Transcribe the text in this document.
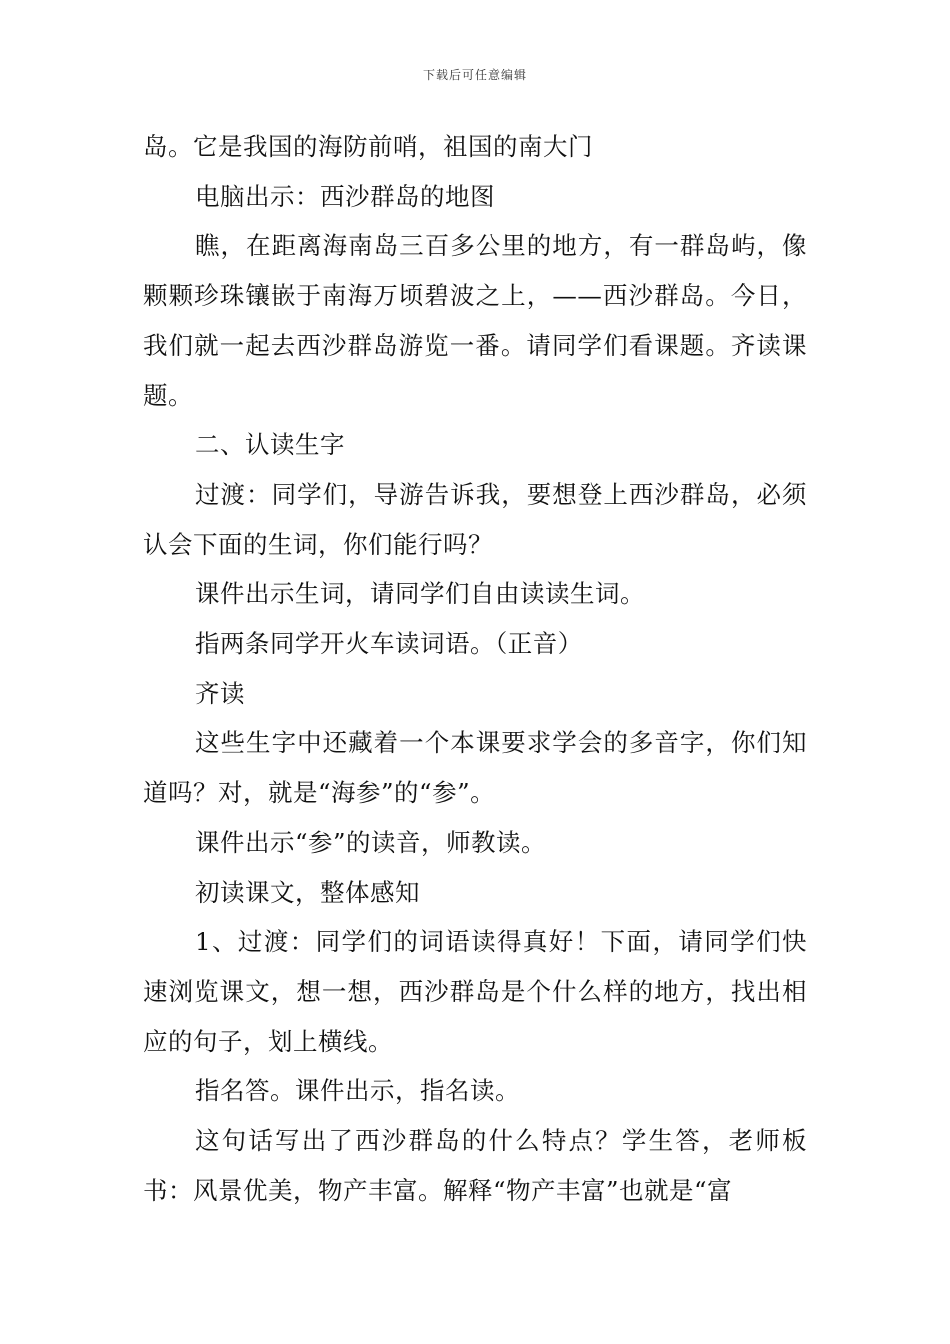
下载后可任意编辑

岛。它是我国的海防前哨，祖国的南大门

电脑出示：西沙群岛的地图

瞧，在距离海南岛三百多公里的地方，有一群岛屿，像颗颗珍珠镶嵌于南海万顷碧波之上，——西沙群岛。今日，我们就一起去西沙群岛游览一番。请同学们看课题。齐读课题。

二、认读生字

过渡：同学们，导游告诉我，要想登上西沙群岛，必须认会下面的生词，你们能行吗？

课件出示生词，请同学们自由读读生词。

指两条同学开火车读词语。（正音）

齐读

这些生字中还藏着一个本课要求学会的多音字，你们知道吗？对，就是“海参”的“参”。

课件出示“参”的读音，师教读。

初读课文，整体感知

1、过渡：同学们的词语读得真好！下面，请同学们快速浏览课文，想一想，西沙群岛是个什么样的地方，找出相应的句子，划上横线。

指名答。课件出示，指名读。

这句话写出了西沙群岛的什么特点？学生答，老师板书：风景优美，物产丰富。解释“物产丰富”也就是“富
